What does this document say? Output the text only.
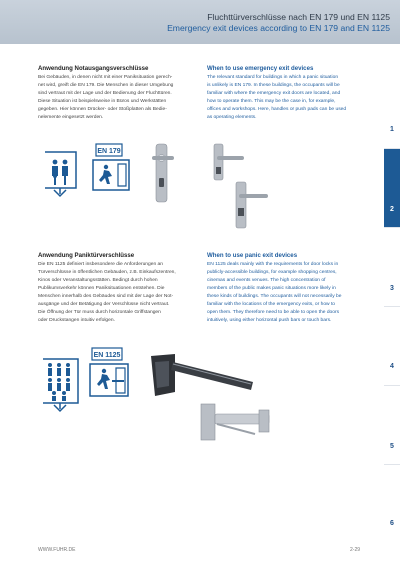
Fluchttürverschlüsse nach EN 179 und EN 1125
Emergency exit devices according to EN 179 and EN 1125
1
2
3
4
5
6
Anwendung Notausgangsverschlüsse
Bei Gebäuden, in denen nicht mit einer Paniksituation gerech-
net wird, greift die EN 179. Die Menschen in dieser Umgebung
sind vertraut mit der Lage und der Bedienung der Fluchttüren.
Diese Situation ist beispielsweise in Büros und Werkstätten
gegeben. Hier können Drücker- oder Stoßplatten als Bedie-
nelemente eingesetzt werden.
When to use emergency exit devices
The relevant standard for buildings in which a panic situation
is unlikely is EN 179. In these buildings, the occupants will be
familiar with where the emergency exit doors are located, and
how to operate them. This may be the case in, for example,
offices and workshops. Here, handles or push pads can be used
as operating elements.
EN 179
Anwendung Paniktürverschlüsse
Die EN 1125 definiert insbesondere die Anforderungen an
Türverschlüsse in öffentlichen Gebäuden, z.B. Einkaufszentren,
Kinos oder Veranstaltungsstätten. Bedingt durch hohen
Publikumsverkehr können Paniksituationen entstehen. Die
Menschen innerhalb des Gebäudes sind mit der Lage der Not-
ausgänge und der Betätigung der Verschlüsse nicht vertraut.
Die Öffnung der Tür muss durch horizontale Griffstangen
oder Druckstangen intuitiv erfolgen.
When to use panic exit devices
EN 1125 deals mainly with the requirements for door locks in
publicly-accessible buildings, for example shopping centres,
cinemas and events venues. The high concentration of
members of the public makes panic situations more likely in
these kinds of buildings. The occupants will not necessarily be
familiar with the locations of the emergency exits, or how to
open them. They therefore need to be able to open the doors
intuitively, using either horizontal push bars or touch bars.
EN 1125
WWW.FUHR.DE	2-29
